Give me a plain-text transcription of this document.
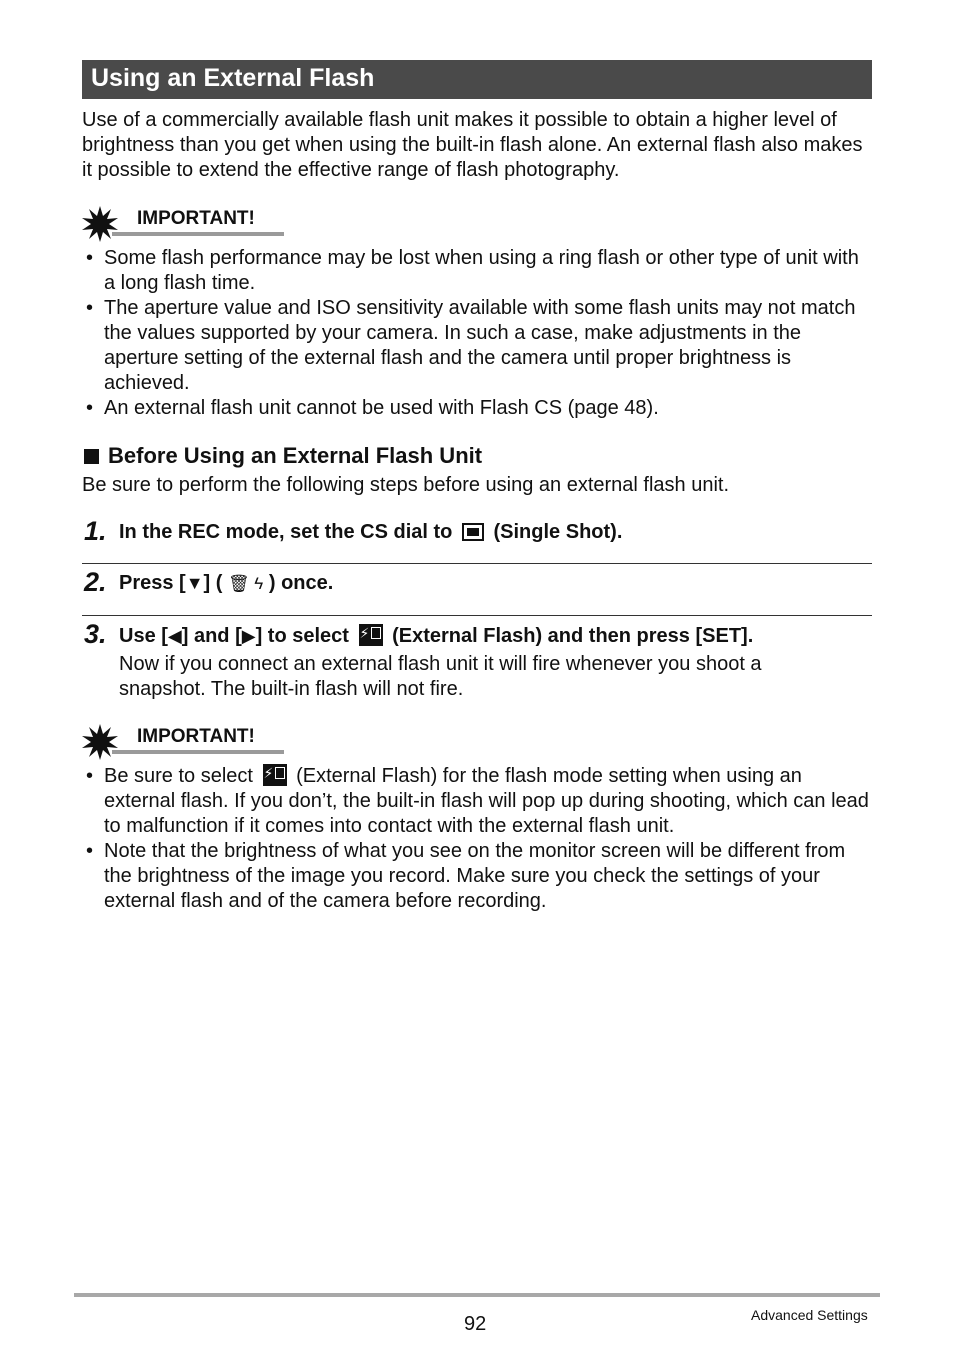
Using an External Flash
Use of a commercially available flash unit makes it possible to obtain a higher level of brightness than you get when using the built-in flash alone. An external flash also makes it possible to extend the effective range of flash photography.
IMPORTANT!
• Some flash performance may be lost when using a ring flash or other type of unit with a long flash time.
• The aperture value and ISO sensitivity available with some flash units may not match the values supported by your camera. In such a case, make adjustments in the aperture setting of the external flash and the camera until proper brightness is achieved.
• An external flash unit cannot be used with Flash CS (page 48).
Before Using an External Flash Unit
Be sure to perform the following steps before using an external flash unit.
1. In the REC mode, set the CS dial to (Single Shot).
2. Press [▼] ( 🗑 ϟ ) once.
3. Use [◀] and [▶] to select ⚡ (External Flash) and then press [SET].
Now if you connect an external flash unit it will fire whenever you shoot a snapshot. The built-in flash will not fire.
IMPORTANT!
• Be sure to select ⚡ (External Flash) for the flash mode setting when using an external flash. If you don’t, the built-in flash will pop up during shooting, which can lead to malfunction if it comes into contact with the external flash unit.
• Note that the brightness of what you see on the monitor screen will be different from the brightness of the image you record. Make sure you check the settings of your external flash and of the camera before recording.
92	Advanced Settings
